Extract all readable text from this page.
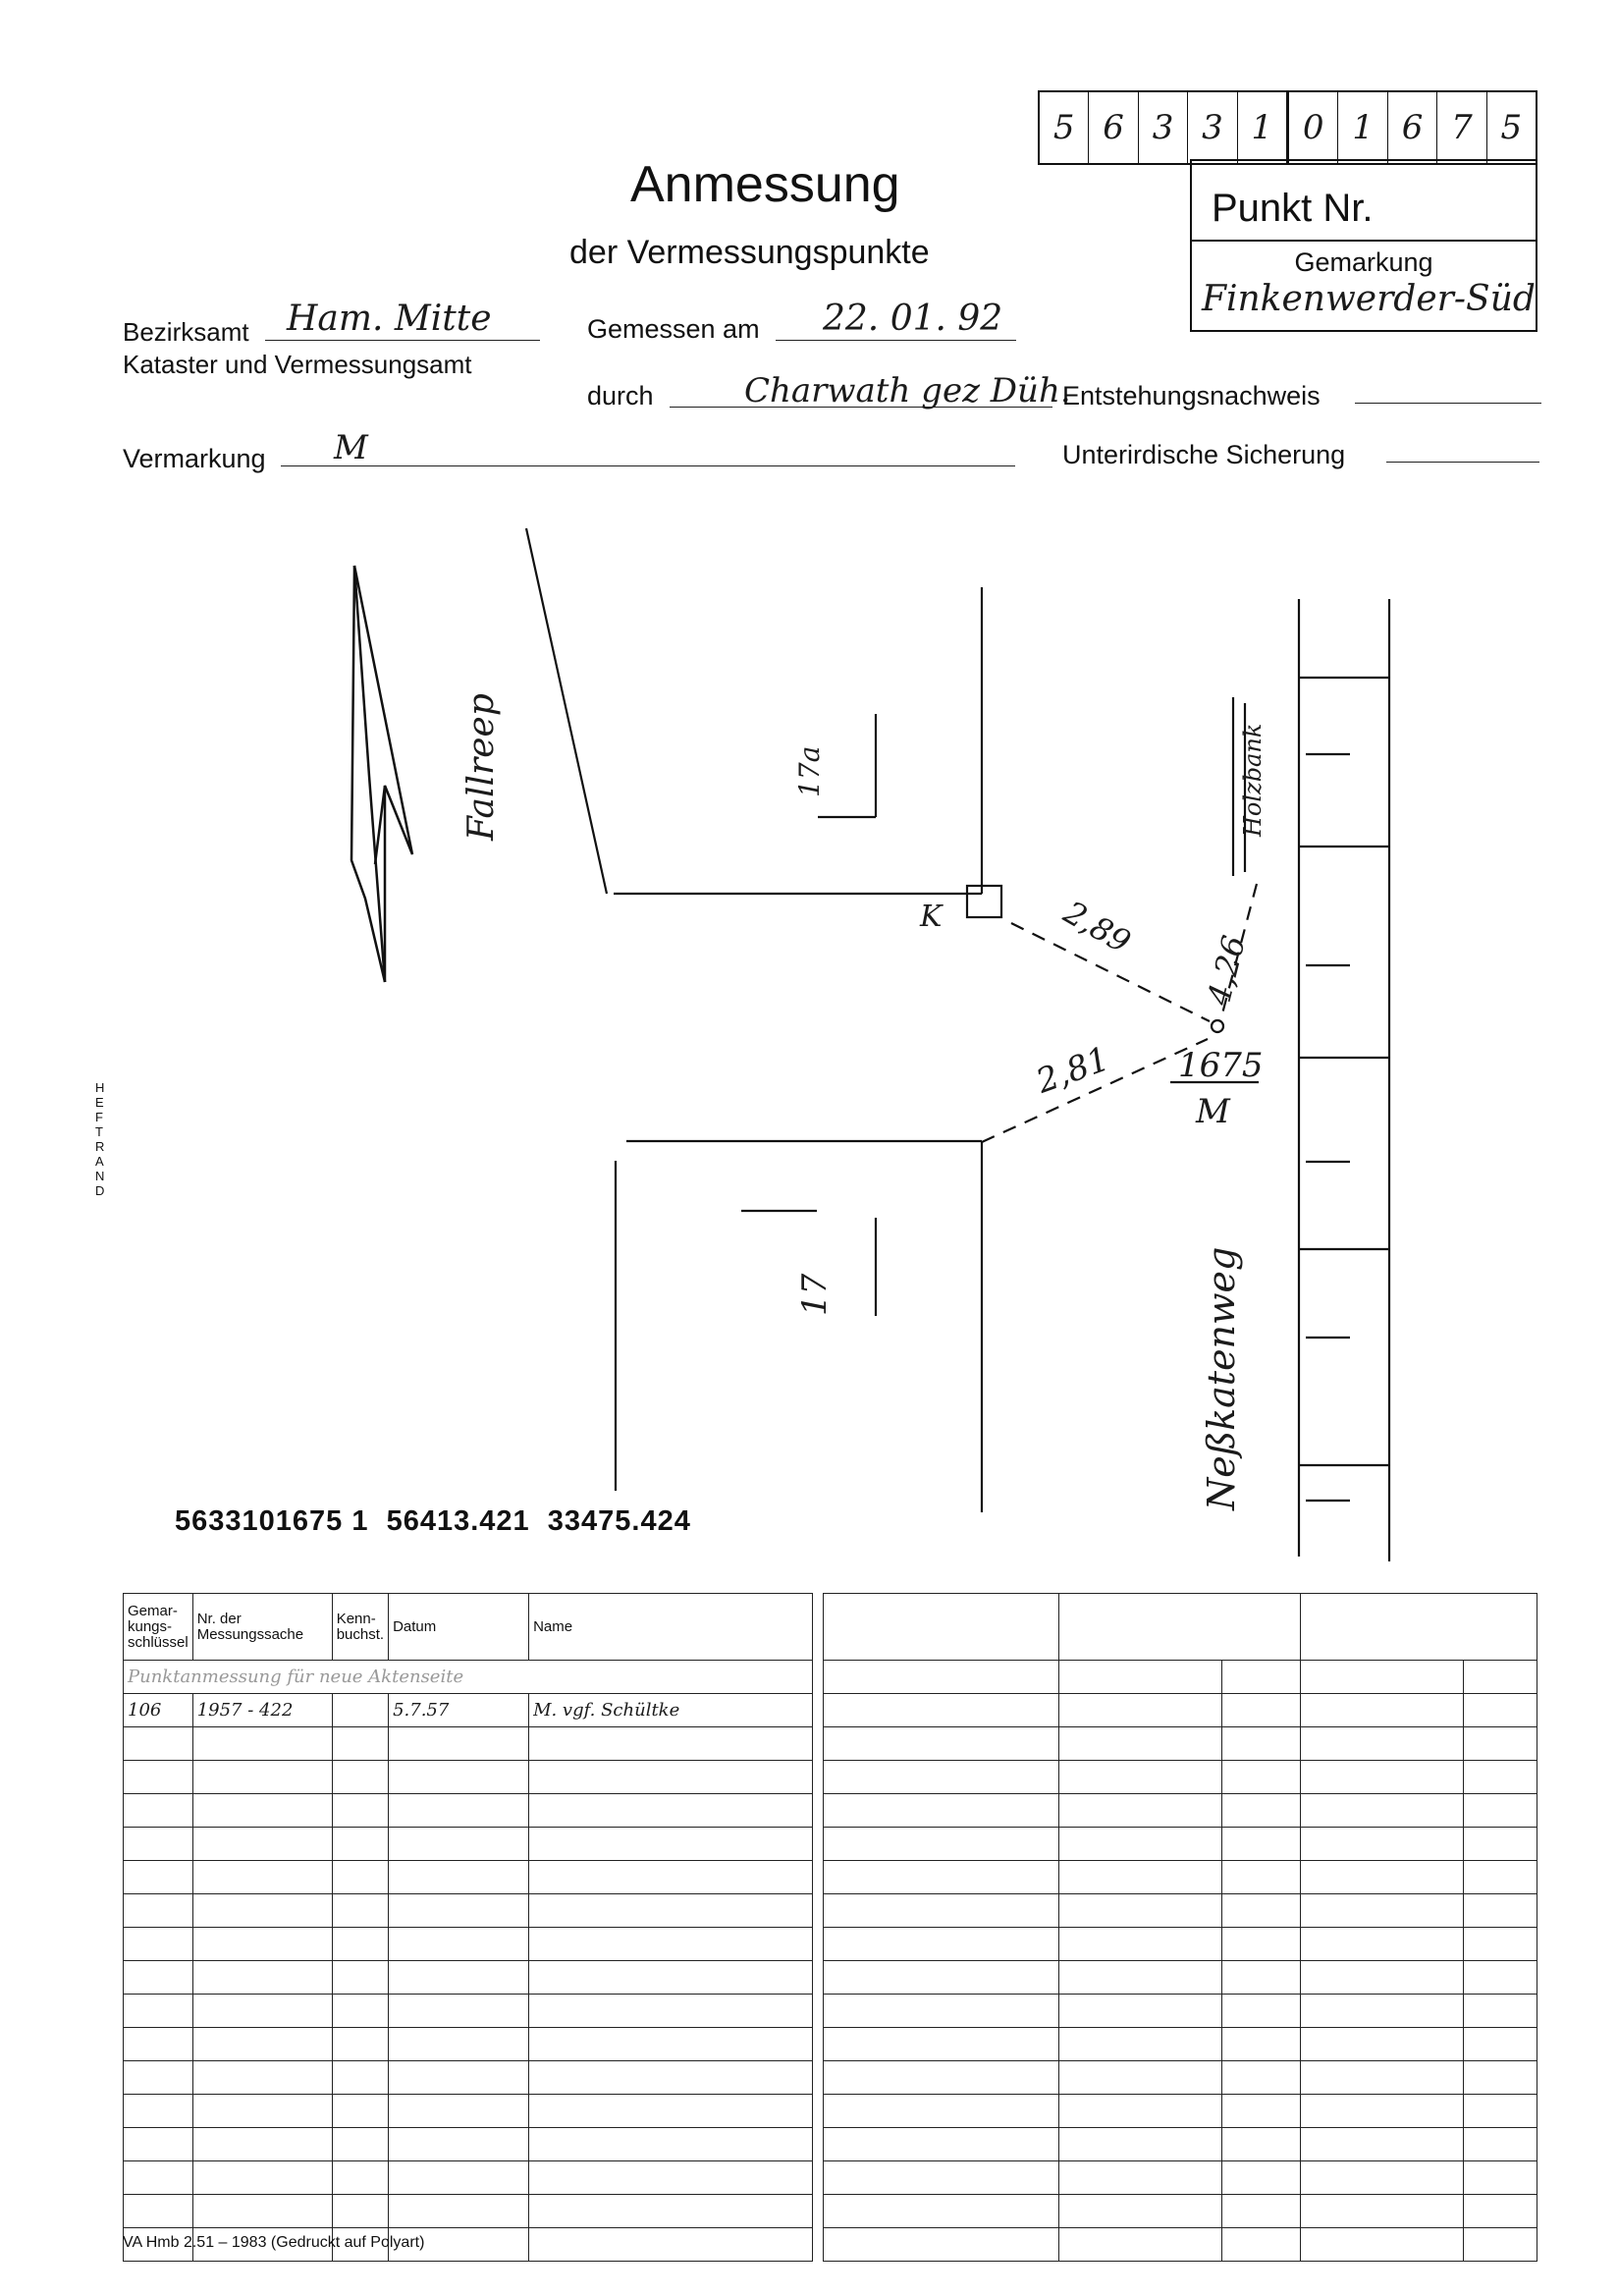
Anmessung
der Vermessungspunkte
5 6 3 3 1 0 1 6 7 5
Punkt Nr.
Gemarkung
Finkenwerder-Süd
Bezirksamt Ham. Mitte
Kataster und Vermessungsamt
Gemessen am 22. 01. 92
durch	Charwath gez Düh.
Entstehungsnachweis
Vermarkung M	Unterirdische Sicherung
Fallreep
Neßkatenweg
17a
17
Holzbank
K	2,89
4,26
2,81 1675
M
HEFTRAND
5633101675 1  56413.421  33475.424
Gemar-kungs-schlüssel	Nr. der Messungssache	Kenn-buchst.	Datum	Name
Punktanmessung für neue Aktenseite				
106	1957 - 422		5.7.57	M. vgf. Schültke

VA Hmb 2.51 – 1983 (Gedruckt auf Polyart)
